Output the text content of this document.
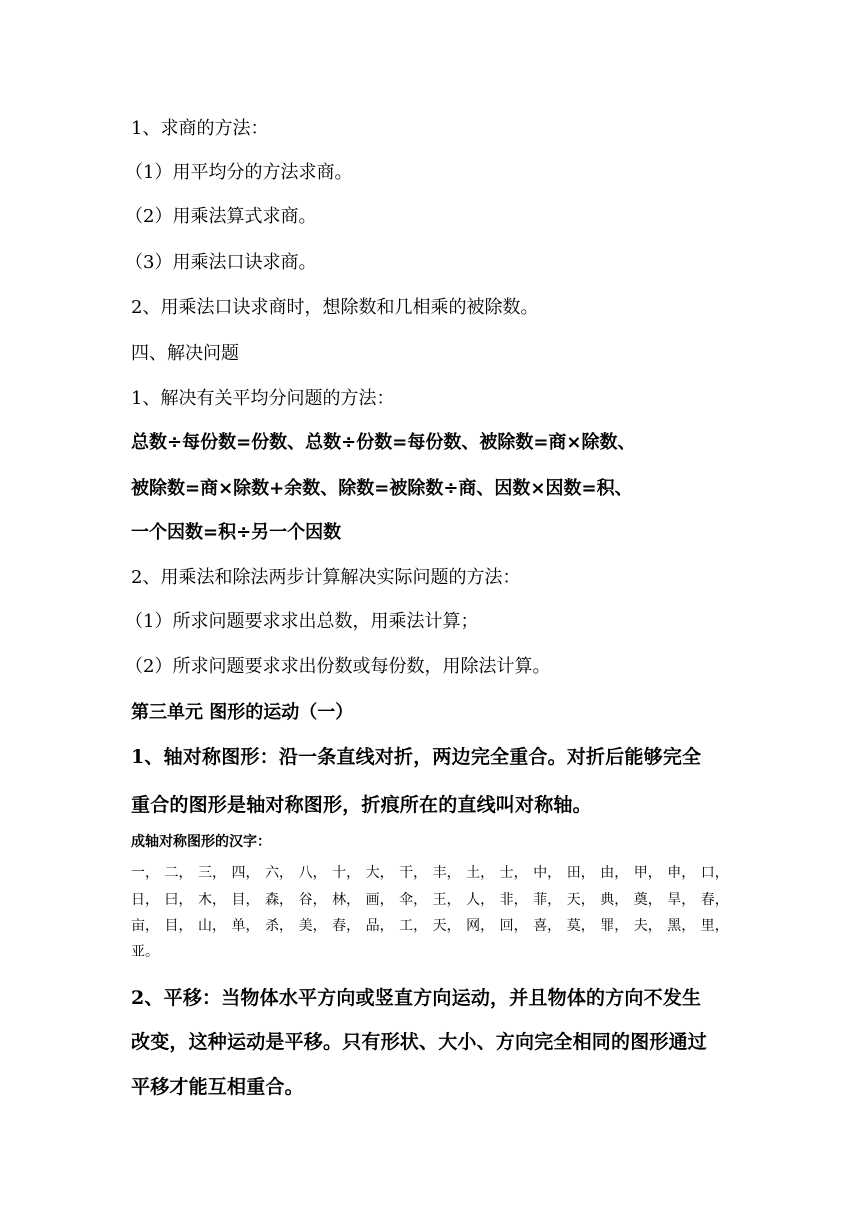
1、求商的方法：
（1）用平均分的方法求商。
（2）用乘法算式求商。
（3）用乘法口诀求商。
2、用乘法口诀求商时，想除数和几相乘的被除数。
四、解决问题
1、解决有关平均分问题的方法：
总数÷每份数=份数、总数÷份数=每份数、被除数=商×除数、
被除数=商×除数+余数、除数=被除数÷商、因数×因数=积、
一个因数=积÷另一个因数
2、用乘法和除法两步计算解决实际问题的方法：
（1）所求问题要求求出总数，用乘法计算；
（2）所求问题要求求出份数或每份数，用除法计算。
第三单元 图形的运动（一）
1、轴对称图形：沿一条直线对折，两边完全重合。对折后能够完全
重合的图形是轴对称图形，折痕所在的直线叫对称轴。
成轴对称图形的汉字：
一， 二， 三， 四， 六， 八， 十， 大， 干， 丰， 土， 士， 中， 田， 由， 甲， 申， 口，
日， 曰， 木， 目， 森， 谷， 林， 画， 伞， 王， 人， 非， 菲， 天， 典， 奠， 旱， 春，
亩， 目， 山， 单， 杀， 美， 春， 品， 工， 天， 网， 回， 喜， 莫， 罪， 夫， 黑， 里，
亚。
2、平移：当物体水平方向或竖直方向运动，并且物体的方向不发生
改变，这种运动是平移。只有形状、大小、方向完全相同的图形通过
平移才能互相重合。
